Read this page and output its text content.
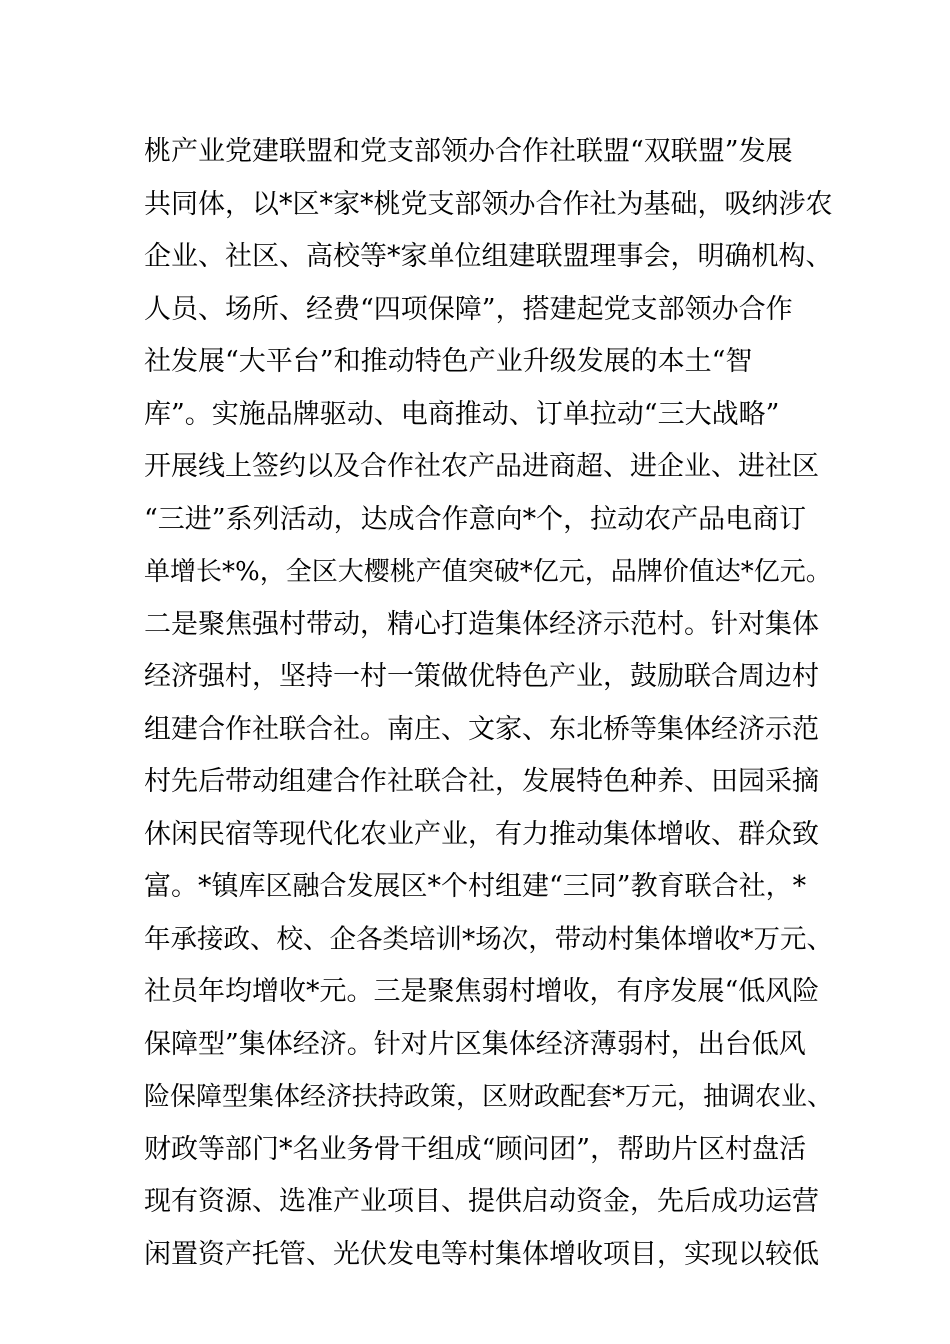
桃产业党建联盟和党支部领办合作社联盟“双联盟”发展
共同体，以*区*家*桃党支部领办合作社为基础，吸纳涉农
企业、社区、高校等*家单位组建联盟理事会，明确机构、
人员、场所、经费“四项保障”，搭建起党支部领办合作
社发展“大平台”和推动特色产业升级发展的本土“智
库”。实施品牌驱动、电商推动、订单拉动“三大战略”
开展线上签约以及合作社农产品进商超、进企业、进社区
“三进”系列活动，达成合作意向*个，拉动农产品电商订
单增长*%，全区大樱桃产值突破*亿元，品牌价值达*亿元。
二是聚焦强村带动，精心打造集体经济示范村。针对集体
经济强村，坚持一村一策做优特色产业，鼓励联合周边村
组建合作社联合社。南庄、文家、东北桥等集体经济示范
村先后带动组建合作社联合社，发展特色种养、田园采摘
休闲民宿等现代化农业产业，有力推动集体增收、群众致
富。*镇库区融合发展区*个村组建“三同”教育联合社，*
年承接政、校、企各类培训*场次，带动村集体增收*万元、
社员年均增收*元。三是聚焦弱村增收，有序发展“低风险
保障型”集体经济。针对片区集体经济薄弱村，出台低风
险保障型集体经济扶持政策，区财政配套*万元，抽调农业、
财政等部门*名业务骨干组成“顾问团”，帮助片区村盘活
现有资源、选准产业项目、提供启动资金，先后成功运营
闲置资产托管、光伏发电等村集体增收项目，实现以较低
